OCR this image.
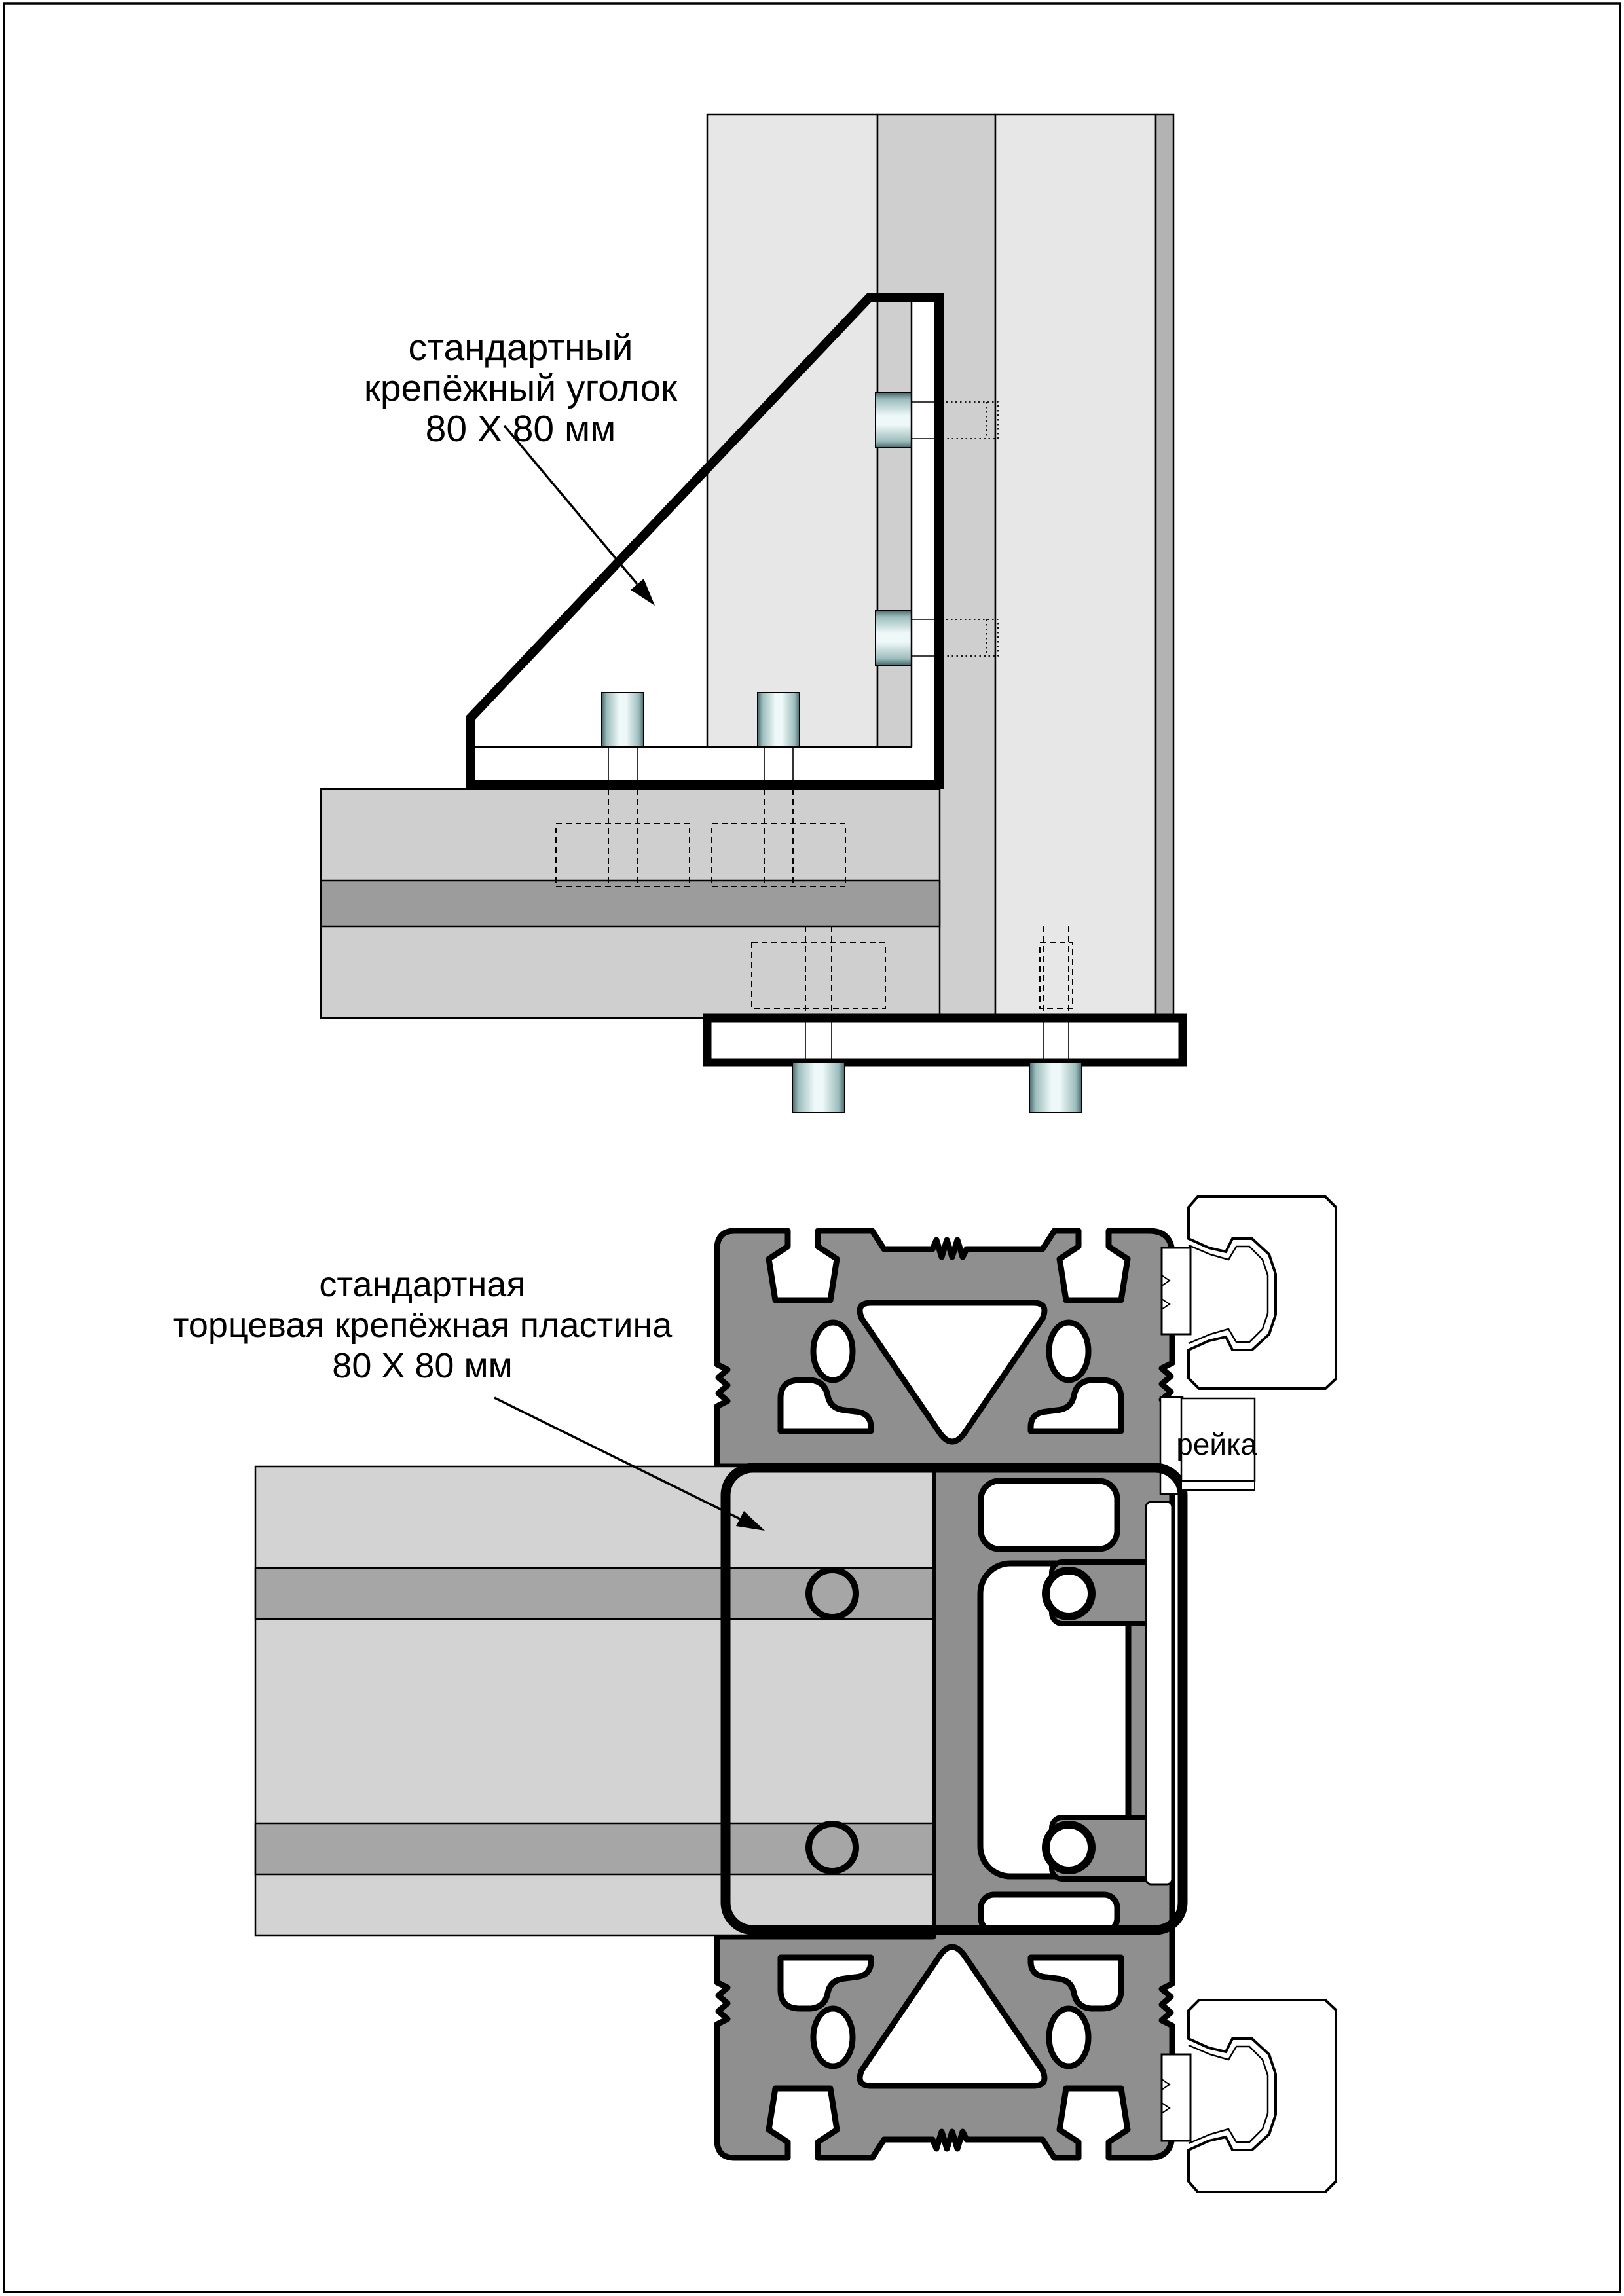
стандартный
крепёжный уголок
80 X 80 мм
рейка
стандартная
торцевая крепёжная пластина
80 X 80 мм
